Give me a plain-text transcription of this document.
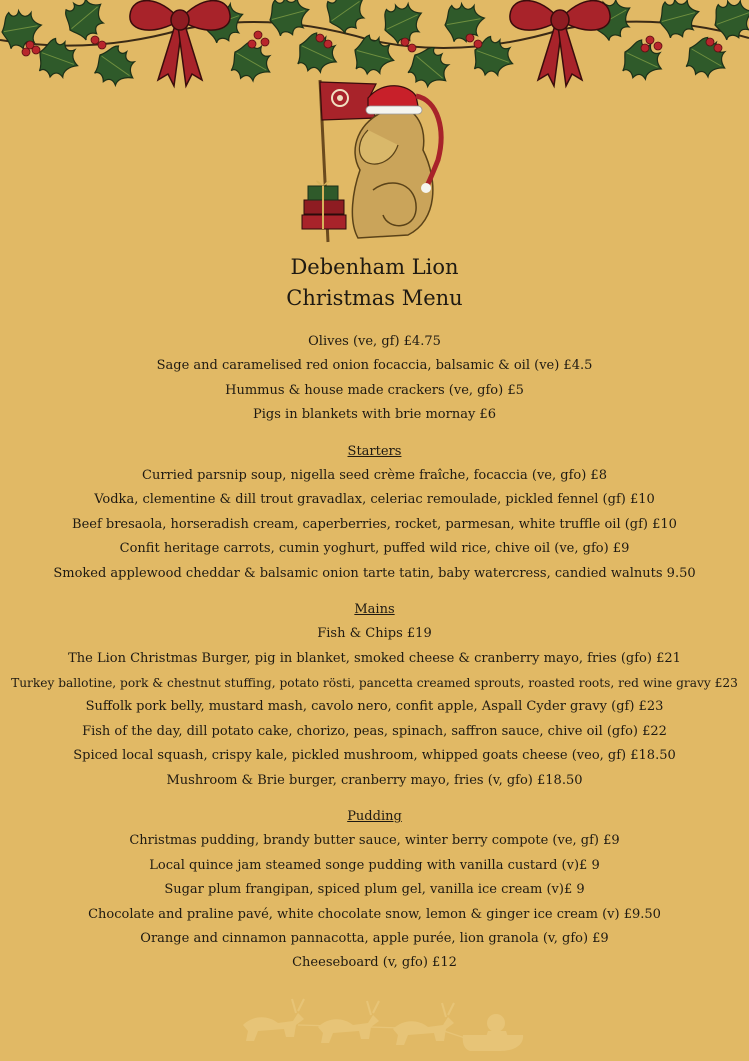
Debenham Lion
Christmas Menu
Olives (ve, gf) £4.75
Sage and caramelised red onion focaccia, balsamic & oil (ve) £4.5
Hummus & house made crackers (ve, gfo) £5
Pigs in blankets with brie mornay £6
Starters
Curried parsnip soup, nigella seed crème fraîche, focaccia (ve, gfo) £8
Vodka, clementine & dill trout gravadlax, celeriac remoulade, pickled fennel (gf) £10
Beef bresaola, horseradish cream, caperberries, rocket, parmesan, white truffle oil (gf) £10
Confit heritage carrots, cumin yoghurt, puffed wild rice, chive oil (ve, gfo) £9
Smoked applewood cheddar & balsamic onion tarte tatin, baby watercress, candied walnuts 9.50
Mains
Fish & Chips £19
The Lion Christmas Burger, pig in blanket, smoked cheese & cranberry mayo, fries (gfo) £21
Turkey ballotine, pork & chestnut stuffing, potato rösti, pancetta creamed sprouts, roasted roots, red wine gravy £23
Suffolk pork belly, mustard mash, cavolo nero, confit apple, Aspall Cyder gravy (gf) £23
Fish of the day, dill potato cake, chorizo, peas, spinach, saffron sauce, chive oil (gfo) £22
Spiced local squash, crispy kale, pickled mushroom, whipped goats cheese (veo, gf) £18.50
Mushroom & Brie burger, cranberry mayo, fries (v, gfo) £18.50
Pudding
Christmas pudding, brandy butter sauce, winter berry compote (ve, gf) £9
Local quince jam steamed songe pudding with vanilla custard (v)£ 9
Sugar plum frangipan, spiced plum gel, vanilla ice cream (v)£ 9
Chocolate and praline pavé, white chocolate snow, lemon & ginger ice cream (v) £9.50
Orange and cinnamon pannacotta, apple purée, lion granola (v, gfo) £9
Cheeseboard (v, gfo) £12
